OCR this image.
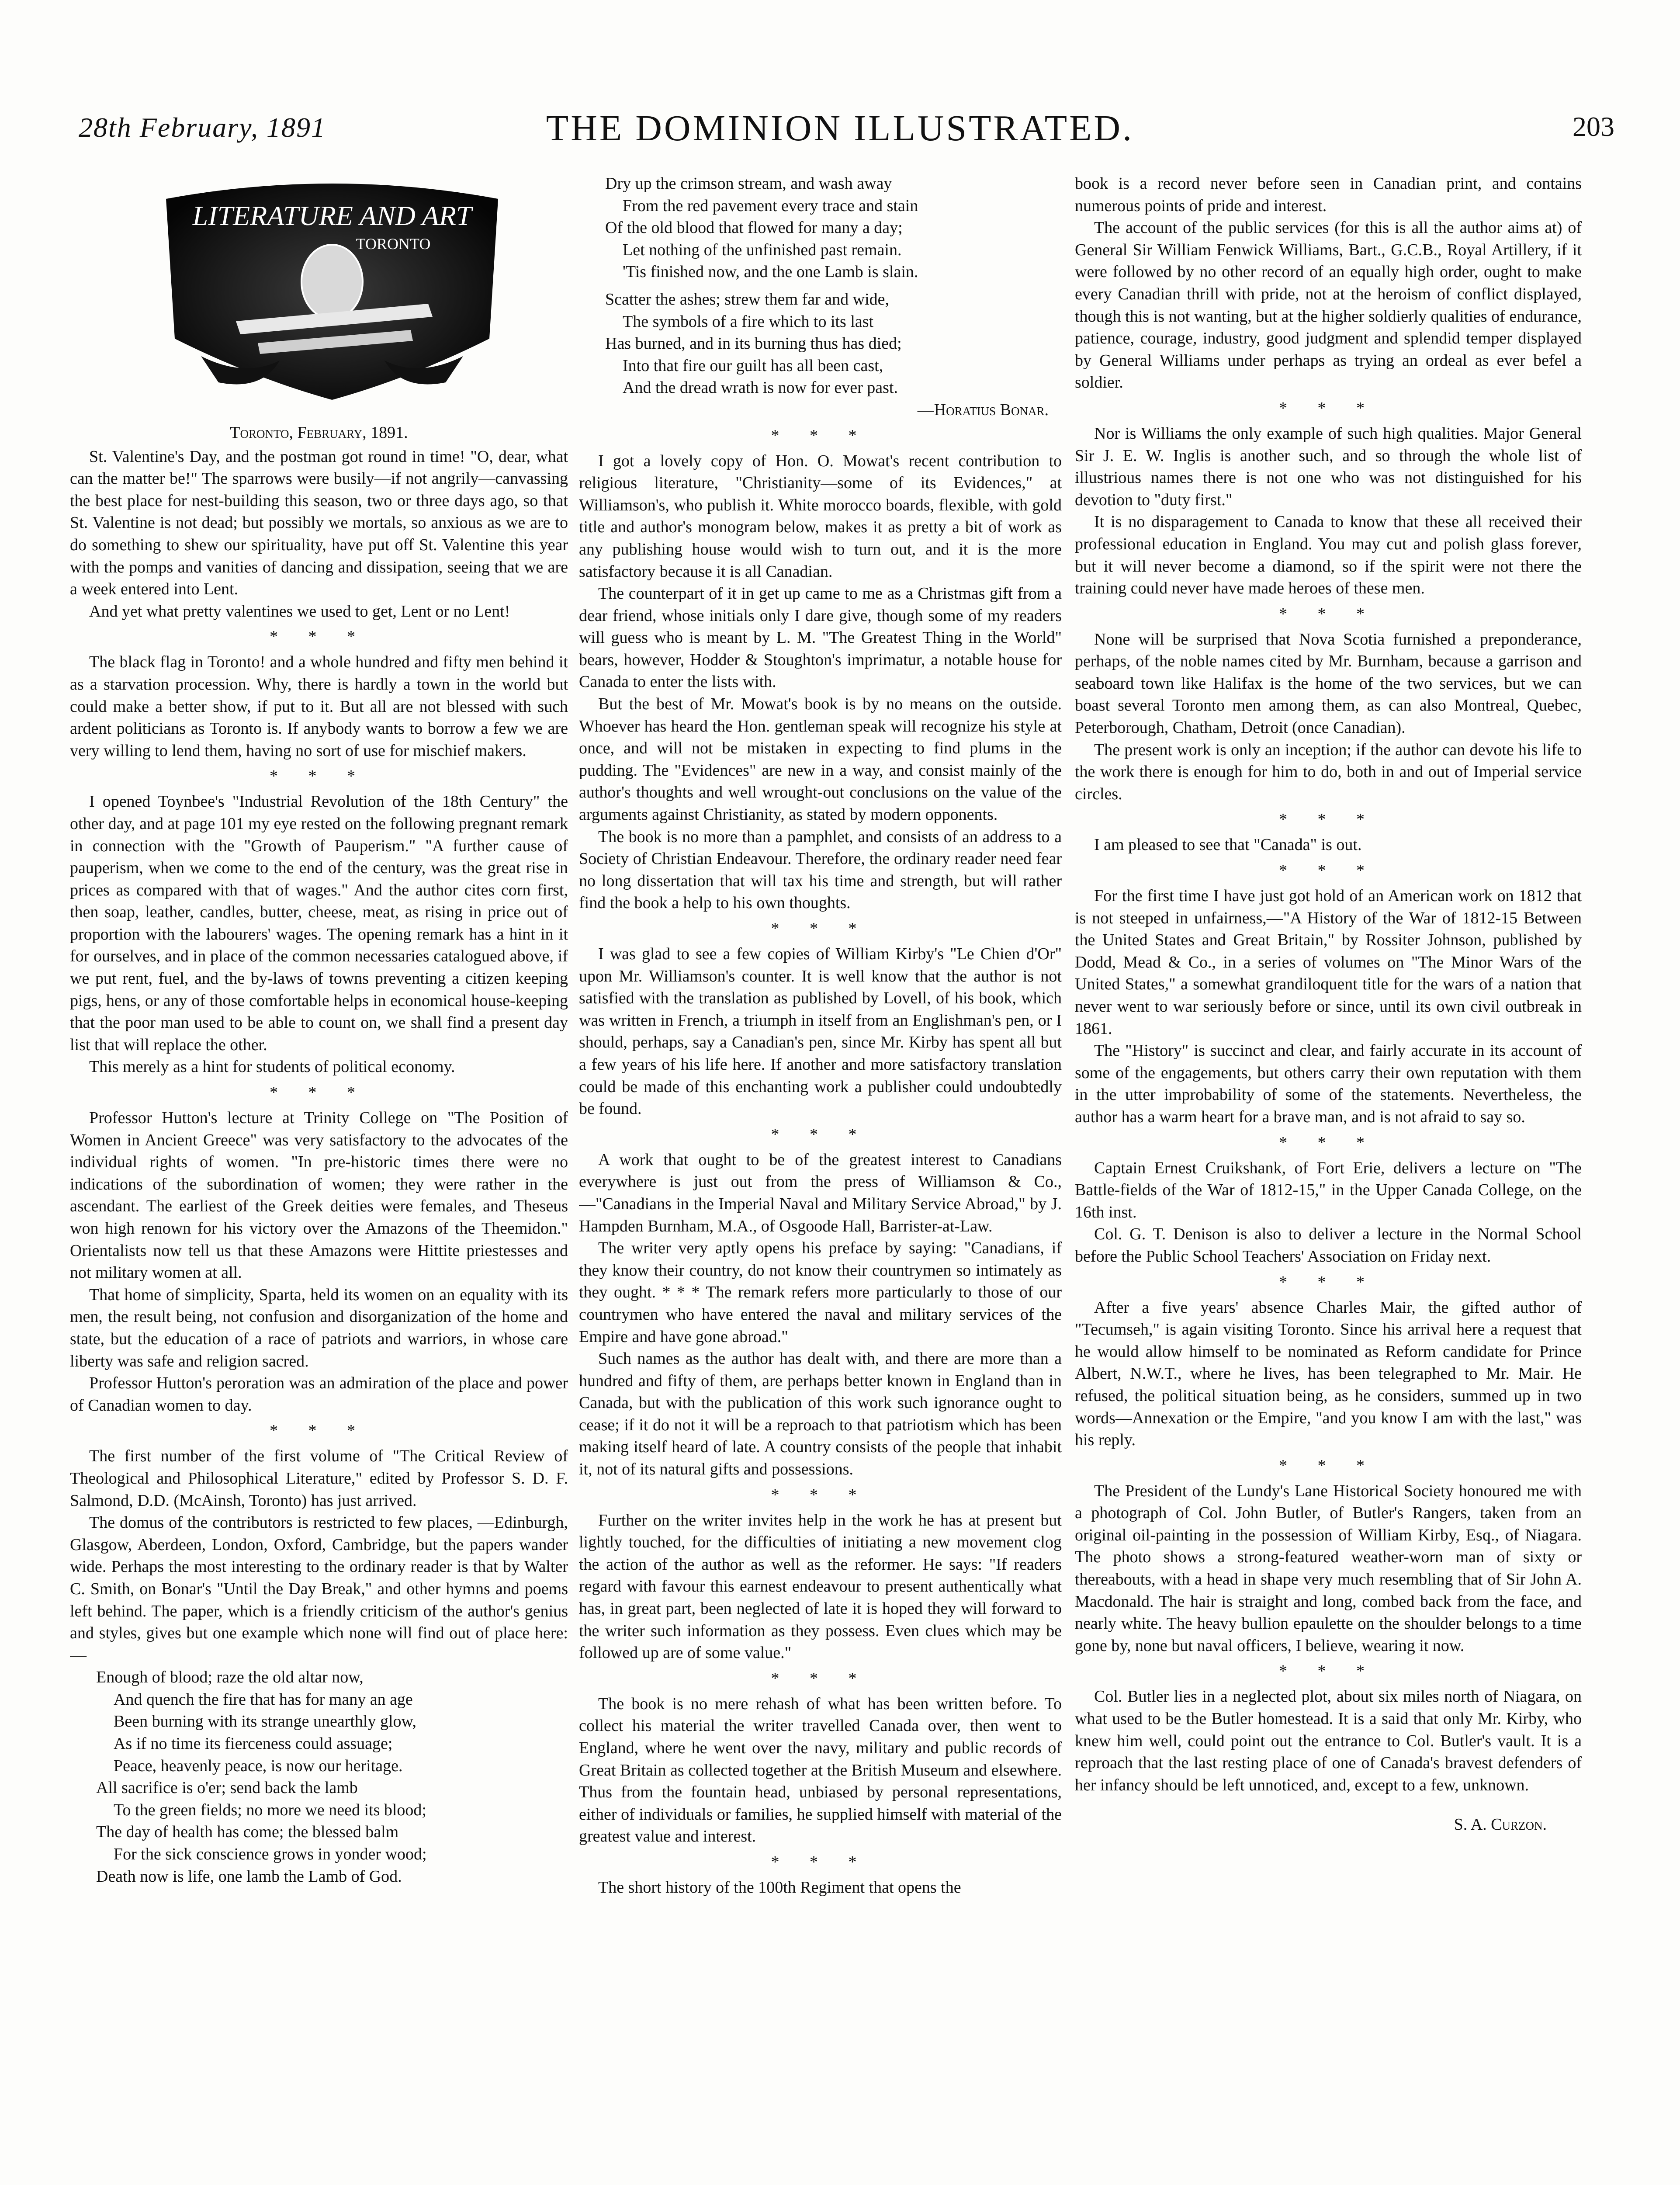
28th February, 1891	THE DOMINION ILLUSTRATED.	203
LITERATURE AND ART
TORONTO
Toronto, February, 1891.

St. Valentine's Day, and the postman got round in time! "O, dear, what can the matter be!" The sparrows were busily—if not angrily—canvassing the best place for nest-building this season, two or three days ago, so that St. Valentine is not dead; but possibly we mortals, so anxious as we are to do something to shew our spirituality, have put off St. Valentine this year with the pomps and vanities of dancing and dissipation, seeing that we are a week entered into Lent.

And yet what pretty valentines we used to get, Lent or no Lent!

* * *

The black flag in Toronto! and a whole hundred and fifty men behind it as a starvation procession. Why, there is hardly a town in the world but could make a better show, if put to it. But all are not blessed with such ardent politicians as Toronto is. If anybody wants to borrow a few we are very willing to lend them, having no sort of use for mischief makers.

* * *

I opened Toynbee's "Industrial Revolution of the 18th Century" the other day, and at page 101 my eye rested on the following pregnant remark in connection with the "Growth of Pauperism." "A further cause of pauperism, when we come to the end of the century, was the great rise in prices as compared with that of wages." And the author cites corn first, then soap, leather, candles, butter, cheese, meat, as rising in price out of proportion with the labourers' wages. The opening remark has a hint in it for ourselves, and in place of the common necessaries catalogued above, if we put rent, fuel, and the by-laws of towns preventing a citizen keeping pigs, hens, or any of those comfortable helps in economical house-keeping that the poor man used to be able to count on, we shall find a present day list that will replace the other.

This merely as a hint for students of political economy.

* * *

Professor Hutton's lecture at Trinity College on "The Position of Women in Ancient Greece" was very satisfactory to the advocates of the individual rights of women. "In pre-historic times there were no indications of the subordination of women; they were rather in the ascendant. The earliest of the Greek deities were females, and Theseus won high renown for his victory over the Amazons of the Theemidon." Orientalists now tell us that these Amazons were Hittite priestesses and not military women at all.

That home of simplicity, Sparta, held its women on an equality with its men, the result being, not confusion and disorganization of the home and state, but the education of a race of patriots and warriors, in whose care liberty was safe and religion sacred.

Professor Hutton's peroration was an admiration of the place and power of Canadian women to day.

* * *

The first number of the first volume of "The Critical Review of Theological and Philosophical Literature," edited by Professor S. D. F. Salmond, D.D. (McAinsh, Toronto) has just arrived.

The domus of the contributors is restricted to few places, —Edinburgh, Glasgow, Aberdeen, London, Oxford, Cambridge, but the papers wander wide. Perhaps the most interesting to the ordinary reader is that by Walter C. Smith, on Bonar's "Until the Day Break," and other hymns and poems left behind. The paper, which is a friendly criticism of the author's genius and styles, gives but one example which none will find out of place here:—

Enough of blood; raze the old altar now,
And quench the fire that has for many an age
Been burning with its strange unearthly glow,
As if no time its fierceness could assuage;
Peace, heavenly peace, is now our heritage.
All sacrifice is o'er; send back the lamb
To the green fields; no more we need its blood;
The day of health has come; the blessed balm
For the sick conscience grows in yonder wood;
Death now is life, one lamb the Lamb of God.
Dry up the crimson stream, and wash away
From the red pavement every trace and stain
Of the old blood that flowed for many a day;
Let nothing of the unfinished past remain.
'Tis finished now, and the one Lamb is slain.
Scatter the ashes; strew them far and wide,
The symbols of a fire which to its last
Has burned, and in its burning thus has died;
Into that fire our guilt has all been cast,
And the dread wrath is now for ever past.
—Horatius Bonar.
* * *

I got a lovely copy of Hon. O. Mowat's recent contribution to religious literature, "Christianity—some of its Evidences," at Williamson's, who publish it. White morocco boards, flexible, with gold title and author's monogram below, makes it as pretty a bit of work as any publishing house would wish to turn out, and it is the more satisfactory because it is all Canadian.

The counterpart of it in get up came to me as a Christmas gift from a dear friend, whose initials only I dare give, though some of my readers will guess who is meant by L. M. "The Greatest Thing in the World" bears, however, Hodder & Stoughton's imprimatur, a notable house for Canada to enter the lists with.

But the best of Mr. Mowat's book is by no means on the outside. Whoever has heard the Hon. gentleman speak will recognize his style at once, and will not be mistaken in expecting to find plums in the pudding. The "Evidences" are new in a way, and consist mainly of the author's thoughts and well wrought-out conclusions on the value of the arguments against Christianity, as stated by modern opponents.

The book is no more than a pamphlet, and consists of an address to a Society of Christian Endeavour. Therefore, the ordinary reader need fear no long dissertation that will tax his time and strength, but will rather find the book a help to his own thoughts.

* * *

I was glad to see a few copies of William Kirby's "Le Chien d'Or" upon Mr. Williamson's counter. It is well know that the author is not satisfied with the translation as published by Lovell, of his book, which was written in French, a triumph in itself from an Englishman's pen, or I should, perhaps, say a Canadian's pen, since Mr. Kirby has spent all but a few years of his life here. If another and more satisfactory translation could be made of this enchanting work a publisher could undoubtedly be found.

* * *

A work that ought to be of the greatest interest to Canadians everywhere is just out from the press of Williamson & Co.,—"Canadians in the Imperial Naval and Military Service Abroad," by J. Hampden Burnham, M.A., of Osgoode Hall, Barrister-at-Law.

The writer very aptly opens his preface by saying: "Canadians, if they know their country, do not know their countrymen so intimately as they ought. * * * The remark refers more particularly to those of our countrymen who have entered the naval and military services of the Empire and have gone abroad."

Such names as the author has dealt with, and there are more than a hundred and fifty of them, are perhaps better known in England than in Canada, but with the publication of this work such ignorance ought to cease; if it do not it will be a reproach to that patriotism which has been making itself heard of late. A country consists of the people that inhabit it, not of its natural gifts and possessions.

* * *

Further on the writer invites help in the work he has at present but lightly touched, for the difficulties of initiating a new movement clog the action of the author as well as the reformer. He says: "If readers regard with favour this earnest endeavour to present authentically what has, in great part, been neglected of late it is hoped they will forward to the writer such information as they possess. Even clues which may be followed up are of some value."

* * *

The book is no mere rehash of what has been written before. To collect his material the writer travelled Canada over, then went to England, where he went over the navy, military and public records of Great Britain as collected together at the British Museum and elsewhere. Thus from the fountain head, unbiased by personal representations, either of individuals or families, he supplied himself with material of the greatest value and interest.

* * *

The short history of the 100th Regiment that opens the

book is a record never before seen in Canadian print, and contains numerous points of pride and interest.

The account of the public services (for this is all the author aims at) of General Sir William Fenwick Williams, Bart., G.C.B., Royal Artillery, if it were followed by no other record of an equally high order, ought to make every Canadian thrill with pride, not at the heroism of conflict displayed, though this is not wanting, but at the higher soldierly qualities of endurance, patience, courage, industry, good judgment and splendid temper displayed by General Williams under perhaps as trying an ordeal as ever befel a soldier.

* * *

Nor is Williams the only example of such high qualities. Major General Sir J. E. W. Inglis is another such, and so through the whole list of illustrious names there is not one who was not distinguished for his devotion to "duty first."

It is no disparagement to Canada to know that these all received their professional education in England. You may cut and polish glass forever, but it will never become a diamond, so if the spirit were not there the training could never have made heroes of these men.

* * *

None will be surprised that Nova Scotia furnished a preponderance, perhaps, of the noble names cited by Mr. Burnham, because a garrison and seaboard town like Halifax is the home of the two services, but we can boast several Toronto men among them, as can also Montreal, Quebec, Peterborough, Chatham, Detroit (once Canadian).

The present work is only an inception; if the author can devote his life to the work there is enough for him to do, both in and out of Imperial service circles.

* * *

I am pleased to see that "Canada" is out.

* * *

For the first time I have just got hold of an American work on 1812 that is not steeped in unfairness,—"A History of the War of 1812-15 Between the United States and Great Britain," by Rossiter Johnson, published by Dodd, Mead & Co., in a series of volumes on "The Minor Wars of the United States," a somewhat grandiloquent title for the wars of a nation that never went to war seriously before or since, until its own civil outbreak in 1861.

The "History" is succinct and clear, and fairly accurate in its account of some of the engagements, but others carry their own reputation with them in the utter improbability of some of the statements. Nevertheless, the author has a warm heart for a brave man, and is not afraid to say so.

* * *

Captain Ernest Cruikshank, of Fort Erie, delivers a lecture on "The Battle-fields of the War of 1812-15," in the Upper Canada College, on the 16th inst.

Col. G. T. Denison is also to deliver a lecture in the Normal School before the Public School Teachers' Association on Friday next.

* * *

After a five years' absence Charles Mair, the gifted author of "Tecumseh," is again visiting Toronto. Since his arrival here a request that he would allow himself to be nominated as Reform candidate for Prince Albert, N.W.T., where he lives, has been telegraphed to Mr. Mair. He refused, the political situation being, as he considers, summed up in two words—Annexation or the Empire, "and you know I am with the last," was his reply.

* * *

The President of the Lundy's Lane Historical Society honoured me with a photograph of Col. John Butler, of Butler's Rangers, taken from an original oil-painting in the possession of William Kirby, Esq., of Niagara. The photo shows a strong-featured weather-worn man of sixty or thereabouts, with a head in shape very much resembling that of Sir John A. Macdonald. The hair is straight and long, combed back from the face, and nearly white. The heavy bullion epaulette on the shoulder belongs to a time gone by, none but naval officers, I believe, wearing it now.

* * *

Col. Butler lies in a neglected plot, about six miles north of Niagara, on what used to be the Butler homestead. It is a said that only Mr. Kirby, who knew him well, could point out the entrance to Col. Butler's vault. It is a reproach that the last resting place of one of Canada's bravest defenders of her infancy should be left unnoticed, and, except to a few, unknown.

S. A. Curzon.
